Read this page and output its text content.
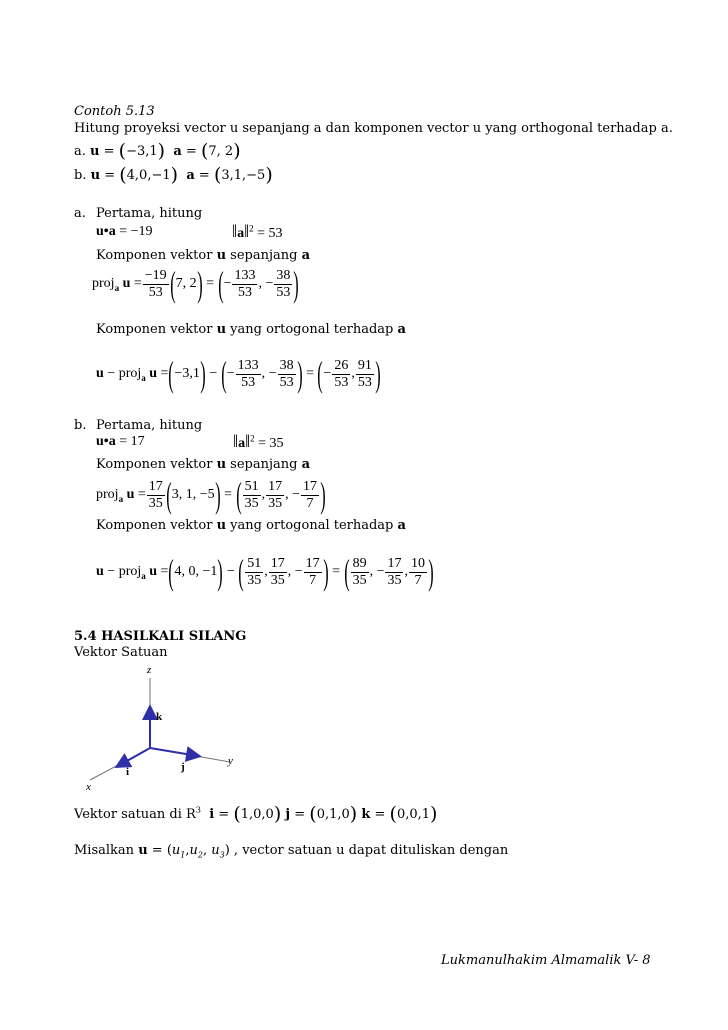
Contoh 5.13
Hitung proyeksi vector u sepanjang a dan komponen vector u yang orthogonal terhadap a.
a. u = (−3,1) a = (7, 2)
b. u = (4,0,−1) a = (3,1,−5)
a. Pertama, hitung
u•a = −19	‖a‖$^2$ = 53
Komponen vektor u sepanjang a
proj$_a$ $u = \frac{-19}{53}$ ( 7, 2 ) = ( − $\frac{133}{53}$ , − $\frac{38}{53}$ )
Komponen vektor u yang ortogonal terhadap a
u − proj$_a$ u = ( −3,1 ) − ( − $\frac{133}{53}$ , − $\frac{38}{53}$ ) = ( − $\frac{26}{53}$ , $\frac{91}{53}$ )
b. Pertama, hitung
u•a = 17	‖a‖$^2$ = 35
Komponen vektor u sepanjang a
proj$_a$ $u = \frac{17}{35}$ ( 3, 1, −5 ) = ( $\frac{51}{35}$ , $\frac{17}{35}$ , − $\frac{17}{7}$ )
Komponen vektor u yang ortogonal terhadap a
u − proj$_a$ u = ( 4, 0, −1 ) − ( $\frac{51}{35}$ , $\frac{17}{35}$ , − $\frac{17}{7}$ ) = ( $\frac{89}{35}$ , − $\frac{17}{35}$ , $\frac{10}{7}$ )
5.4 HASILKALI SILANG
Vektor Satuan
z
y
x
k
j
i
Vektor satuan di $R^3$ i = (1,0,0) j = (0,1,0) k = (0,0,1)
Misalkan $u = (u_1,u_2$, $u_3$) , vector satuan u dapat dituliskan dengan
Lukmanulhakim Almamalik V- 8
